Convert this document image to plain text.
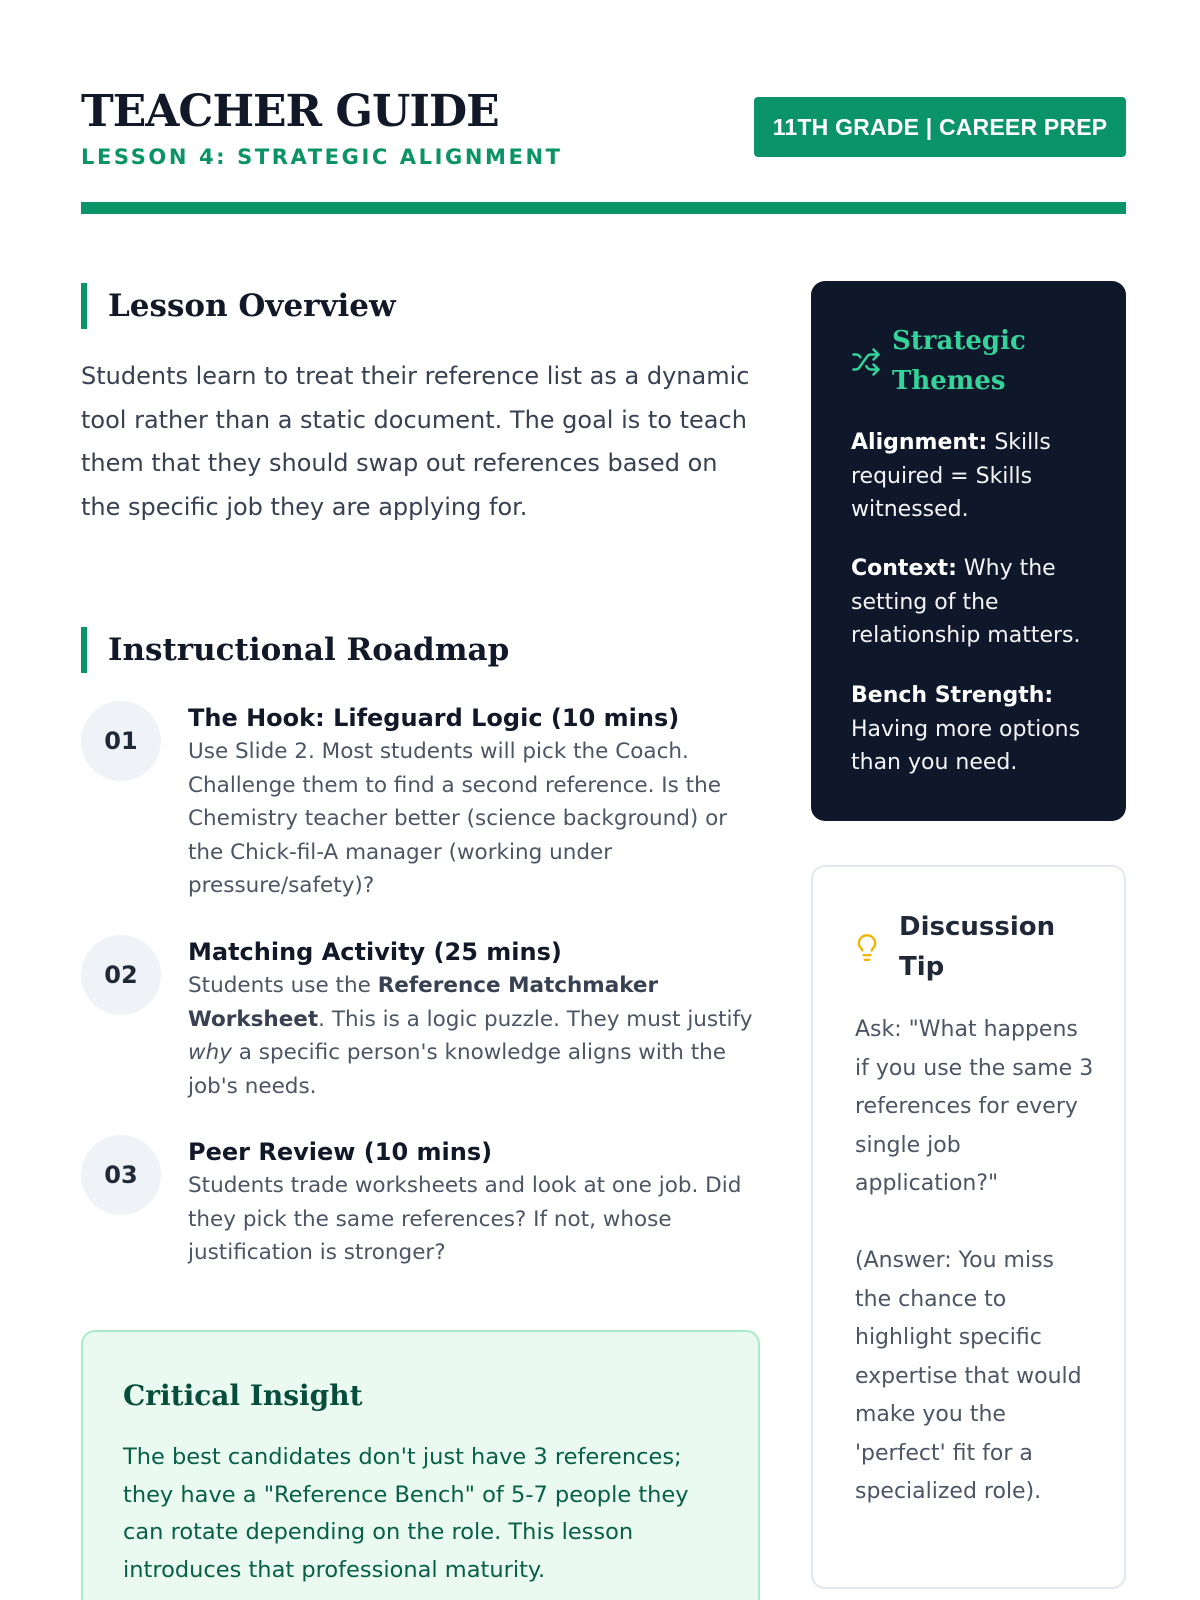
TEACHER GUIDE
LESSON 4: STRATEGIC ALIGNMENT
11TH GRADE | CAREER PREP
Lesson Overview

Students learn to treat their reference list as a dynamic tool rather than a static document. The goal is to teach them that they should swap out references based on the specific job they are applying for.

Instructional Roadmap
01

The Hook: Lifeguard Logic (10 mins)

Use Slide 2. Most students will pick the Coach. Challenge them to find a second reference. Is the Chemistry teacher better (science background) or the Chick-fil-A manager (working under pressure/safety)?

02

Matching Activity (25 mins)

Students use the Reference Matchmaker Worksheet. This is a logic puzzle. They must justify why a specific person's knowledge aligns with the job's needs.

03

Peer Review (10 mins)

Students trade worksheets and look at one job. Did they pick the same references? If not, whose justification is stronger?

Critical Insight

The best candidates don't just have 3 references; they have a "Reference Bench" of 5-7 people they can rotate depending on the role. This lesson introduces that professional maturity.

Strategic Themes

Alignment: Skills required = Skills witnessed.

Context: Why the setting of the relationship matters.

Bench Strength: Having more options than you need.

Discussion Tip

Ask: "What happens if you use the same 3 references for every single job application?"

(Answer: You miss the chance to highlight specific expertise that would make you the 'perfect' fit for a specialized role).
